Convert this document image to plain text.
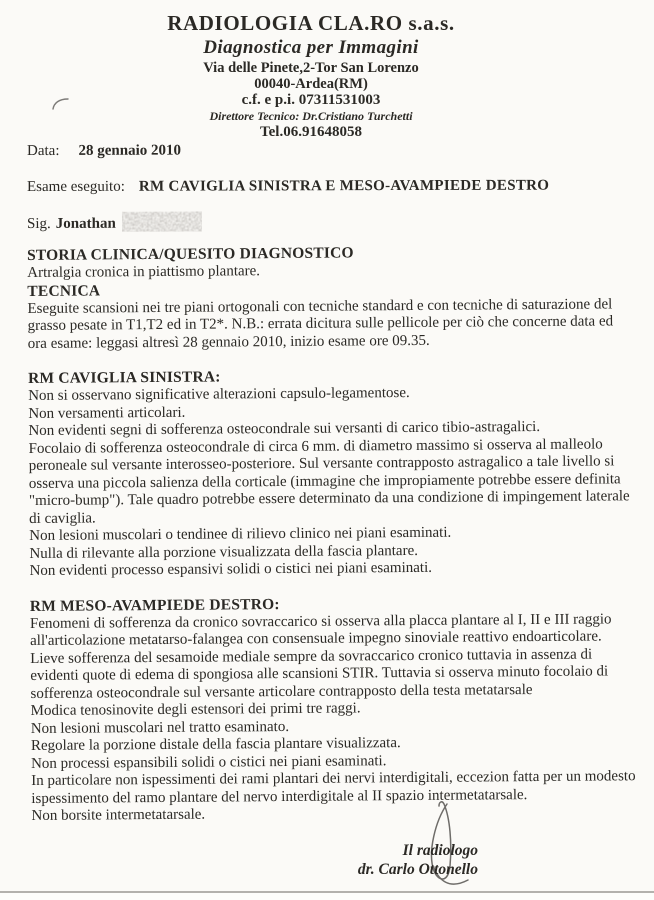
RADIOLOGIA CLA.RO s.a.s.
Diagnostica per Immagini
Via delle Pinete,2-Tor San Lorenzo
00040-Ardea(RM)
c.f. e p.i. 07311531003
Direttore Tecnico: Dr.Cristiano Turchetti
Tel.06.91648058
Data: 28 gennaio 2010
Esame eseguito: RM CAVIGLIA SINISTRA E MESO-AVAMPIEDE DESTRO
Sig. Jonathan
STORIA CLINICA/QUESITO DIAGNOSTICO

Artralgia cronica in piattismo plantare.

TECNICA

Eseguite scansioni nei tre piani ortogonali con tecniche standard e con tecniche di saturazione del grasso pesate in T1,T2 ed in T2*. N.B.: errata dicitura sulle pellicole per ciò che concerne data ed ora esame: leggasi altresì 28 gennaio 2010, inizio esame ore 09.35.

RM CAVIGLIA SINISTRA:

Non si osservano significative alterazioni capsulo-legamentose.

Non versamenti articolari.

Non evidenti segni di sofferenza osteocondrale sui versanti di carico tibio-astragalici.

Focolaio di sofferenza osteocondrale di circa 6 mm. di diametro massimo si osserva al malleolo peroneale sul versante interosseo-posteriore. Sul versante contrapposto astragalico a tale livello si osserva una piccola salienza della corticale (immagine che impropiamente potrebbe essere definita "micro-bump"). Tale quadro potrebbe essere determinato da una condizione di impingement laterale di caviglia.

Non lesioni muscolari o tendinee di rilievo clinico nei piani esaminati.

Nulla di rilevante alla porzione visualizzata della fascia plantare.

Non evidenti processo espansivi solidi o cistici nei piani esaminati.

RM MESO-AVAMPIEDE DESTRO:

Fenomeni di sofferenza da cronico sovraccarico si osserva alla placca plantare al I, II e III raggio all'articolazione metatarso-falangea con consensuale impegno sinoviale reattivo endoarticolare.

Lieve sofferenza del sesamoide mediale sempre da sovraccarico cronico tuttavia in assenza di evidenti quote di edema di spongiosa alle scansioni STIR. Tuttavia si osserva minuto focolaio di sofferenza osteocondrale sul versante articolare contrapposto della testa metatarsale

Modica tenosinovite degli estensori dei primi tre raggi.

Non lesioni muscolari nel tratto esaminato.

Regolare la porzione distale della fascia plantare visualizzata.

Non processi espansibili solidi o cistici nei piani esaminati.

In particolare non ispessimenti dei rami plantari dei nervi interdigitali, eccezion fatta per un modesto ispessimento del ramo plantare del nervo interdigitale al II spazio intermetatarsale.

Non borsite intermetatarsale.

Il radiologo
dr. Carlo Ottonello
